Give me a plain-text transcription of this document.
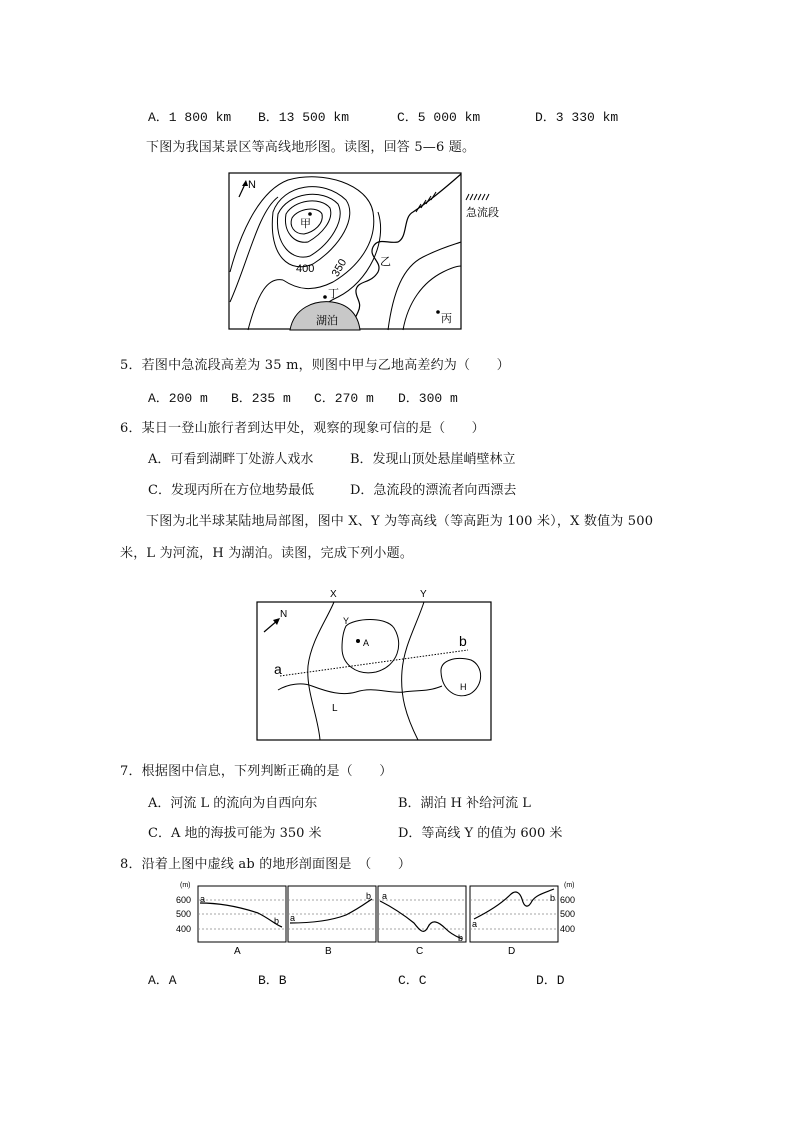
A．1 800 km B．13 500 km	C．5 000 km	D．3 330 km
下图为我国某景区等高线地形图。读图，回答 5—6 题。
N
急流段
湖泊
甲
乙
丁
丙
400 350
5．若图中急流段高差为 35 m，则图中甲与乙地高差约为（　　）
A．200 m B．235 m C．270 m D．300 m
6．某日一登山旅行者到达甲处，观察的现象可信的是（　　）
A．可看到湖畔丁处游人戏水	B．发现山顶处悬崖峭壁林立
C．发现丙所在方位地势最低	D．急流段的漂流者向西漂去
下图为北半球某陆地局部图，图中 X、Y 为等高线（等高距为 100 米），X 数值为 500
米，L 为河流，H 为湖泊。读图，完成下列小题。
X	Y
N
Y
A
H
L
a
b
7．根据图中信息，下列判断正确的是（　　）
A．河流 L 的流向为自西向东	B．湖泊 H 补给河流 L
C．A 地的海拔可能为 350 米	D．等高线 Y 的值为 600 米
8．沿着上图中虚线 ab 的地形剖面图是　（　　）
(m)
600
500
400
a
b
A
a
b
B
a
b
C
a
b
D
(m)
600
500
400
A．A	B．B	C．C	D．D
